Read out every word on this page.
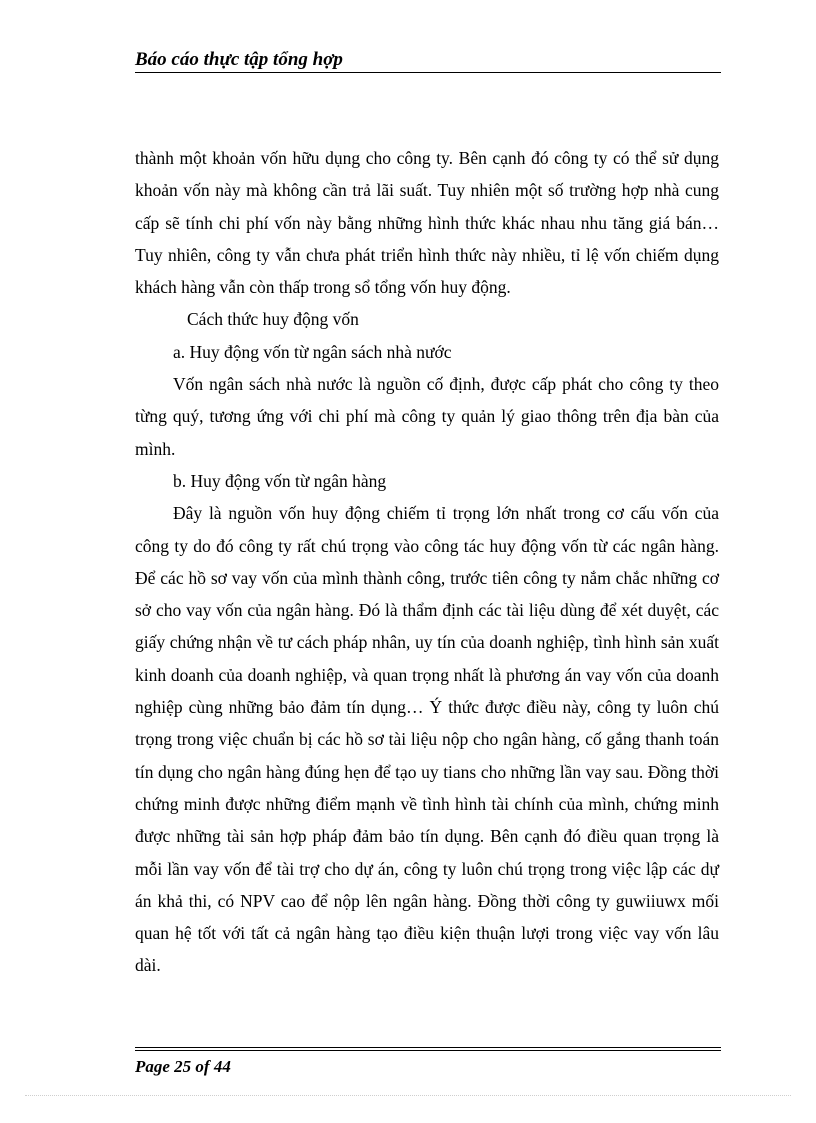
Báo cáo thực tập tổng hợp

thành một khoản vốn hữu dụng cho công ty. Bên cạnh đó công ty có thể sử dụng khoản vốn này mà không cần trả lãi suất. Tuy nhiên một số trường hợp nhà cung cấp sẽ tính chi phí vốn này bằng những hình thức khác nhau nhu tăng giá bán… Tuy nhiên, công ty vẫn chưa phát triển hình thức này nhiều, tỉ lệ vốn chiếm dụng khách hàng vẫn còn thấp trong sổ tổng vốn huy động.

Cách thức huy động vốn

a. Huy động vốn từ ngân sách nhà nước

Vốn ngân sách nhà nước là nguồn cố định, được cấp phát cho công ty theo từng quý, tương ứng với chi phí mà công ty quản lý giao thông trên địa bàn của mình.

b. Huy động vốn từ ngân hàng

Đây là nguồn vốn huy động chiếm tỉ trọng lớn nhất trong cơ cấu vốn của công ty do đó công ty rất chú trọng vào công tác huy động vốn từ các ngân hàng. Để các hồ sơ vay vốn của mình thành công, trước tiên công ty nắm chắc những cơ sở cho vay vốn của ngân hàng. Đó là thẩm định các tài liệu dùng để xét duyệt, các giấy chứng nhận về tư cách pháp nhân, uy tín của doanh nghiệp, tình hình sản xuất kinh doanh của doanh nghiệp, và quan trọng nhất là phương án vay vốn của doanh nghiệp cùng những bảo đảm tín dụng… Ý thức được điều này, công ty luôn chú trọng trong việc chuẩn bị các hồ sơ tài liệu nộp cho ngân hàng, cố gắng thanh toán tín dụng cho ngân hàng đúng hẹn để tạo uy tians cho những lần vay sau. Đồng thời chứng minh được những điểm mạnh về tình hình tài chính của mình, chứng minh được những tài sản hợp pháp đảm bảo tín dụng. Bên cạnh đó điều quan trọng là mỗi lần vay vốn để tài trợ cho dự án, công ty luôn chú trọng trong việc lập các dự án khả thi, có NPV cao để nộp lên ngân hàng. Đồng thời công ty guwiiuwx mối quan hệ tốt với tất cả ngân hàng tạo điều kiện thuận lượi trong việc vay vốn lâu dài.

Page 25 of 44
